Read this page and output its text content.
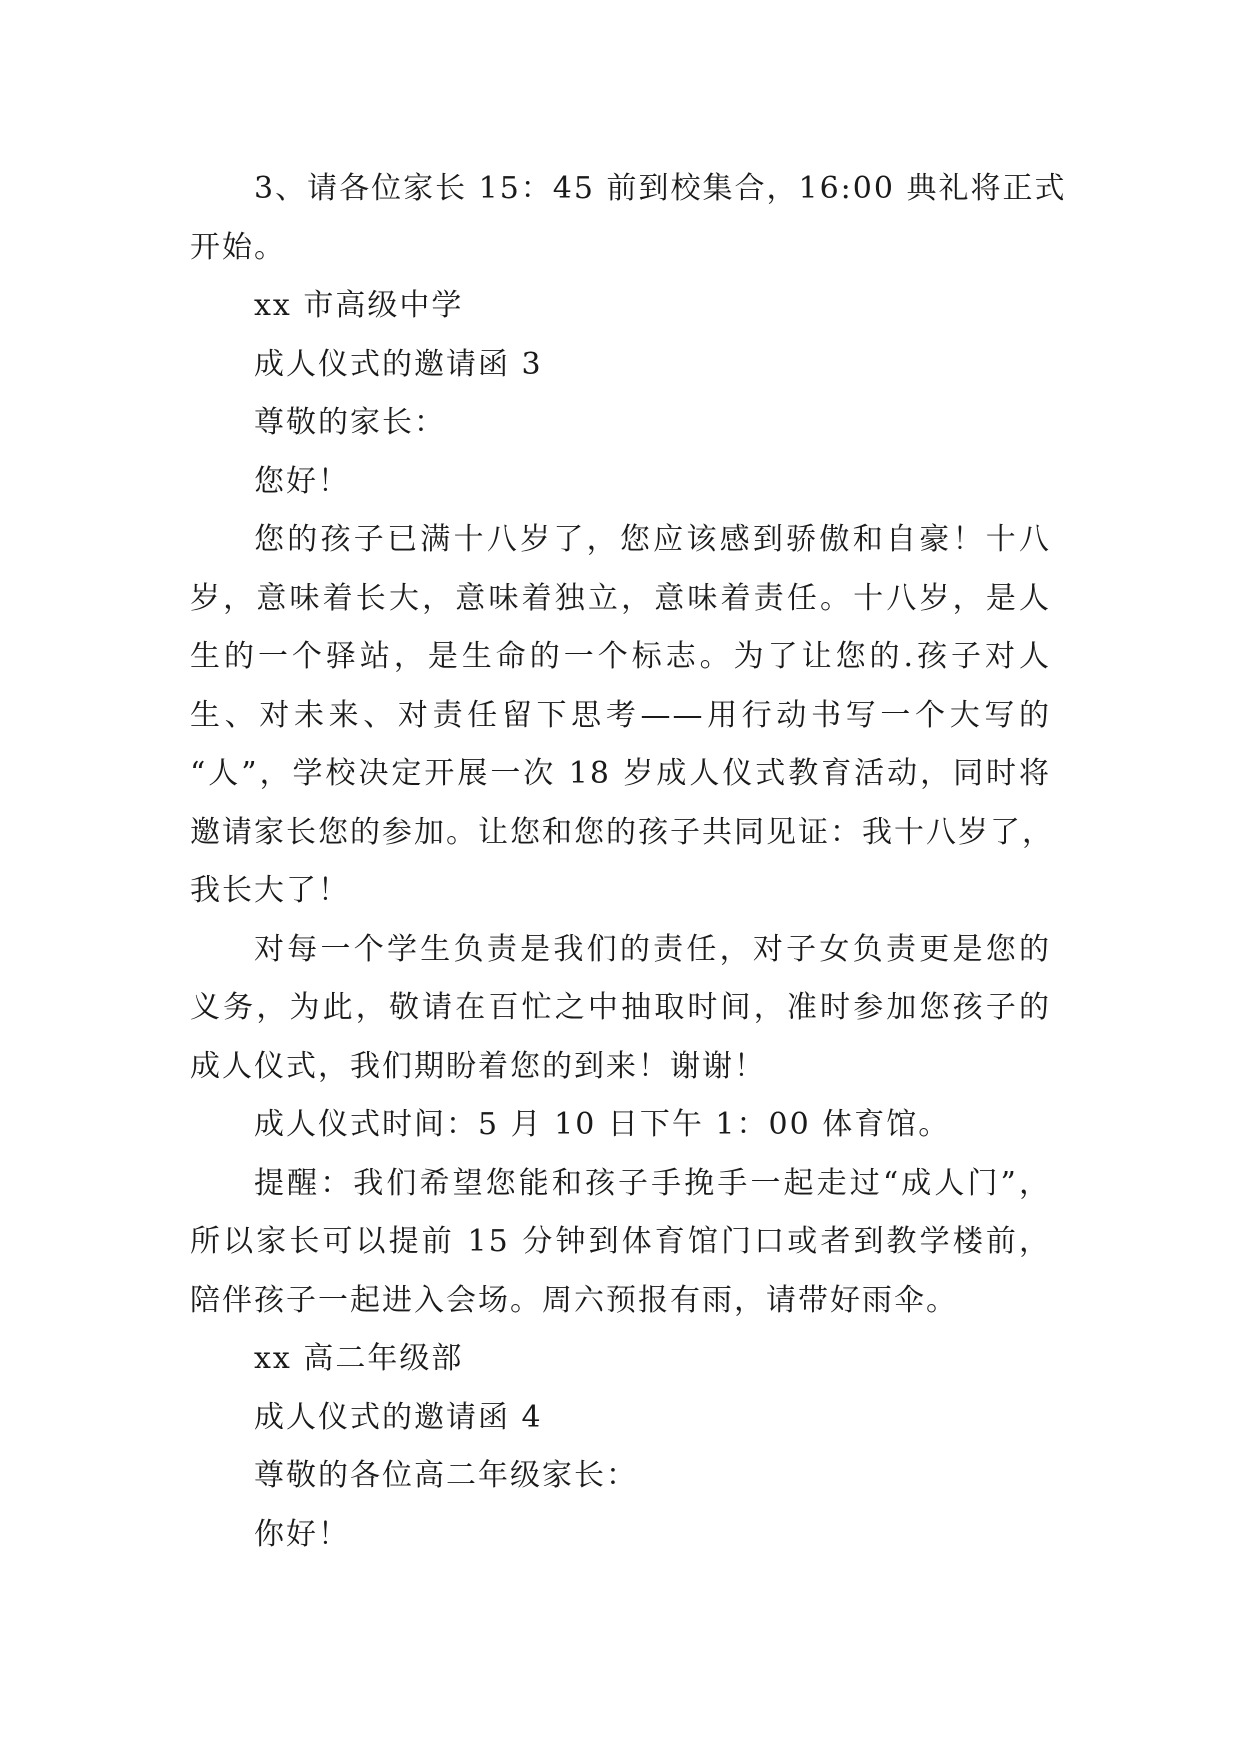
3、请各位家长 15：45 前到校集合，16:00 典礼将正式
开始。
xx 市高级中学
成人仪式的邀请函 3
尊敬的家长：
您好！
您的孩子已满十八岁了，您应该感到骄傲和自豪！十八
岁，意味着长大，意味着独立，意味着责任。十八岁，是人
生的一个驿站，是生命的一个标志。为了让您的.孩子对人
生、对未来、对责任留下思考——用行动书写一个大写的
“人”，学校决定开展一次 18 岁成人仪式教育活动，同时将
邀请家长您的参加。让您和您的孩子共同见证：我十八岁了，
我长大了！
对每一个学生负责是我们的责任，对子女负责更是您的
义务，为此，敬请在百忙之中抽取时间，准时参加您孩子的
成人仪式，我们期盼着您的到来！谢谢！
成人仪式时间：5 月 10 日下午 1：00 体育馆。
提醒：我们希望您能和孩子手挽手一起走过“成人门”，
所以家长可以提前 15 分钟到体育馆门口或者到教学楼前，
陪伴孩子一起进入会场。周六预报有雨，请带好雨伞。
xx 高二年级部
成人仪式的邀请函 4
尊敬的各位高二年级家长：
你好！
